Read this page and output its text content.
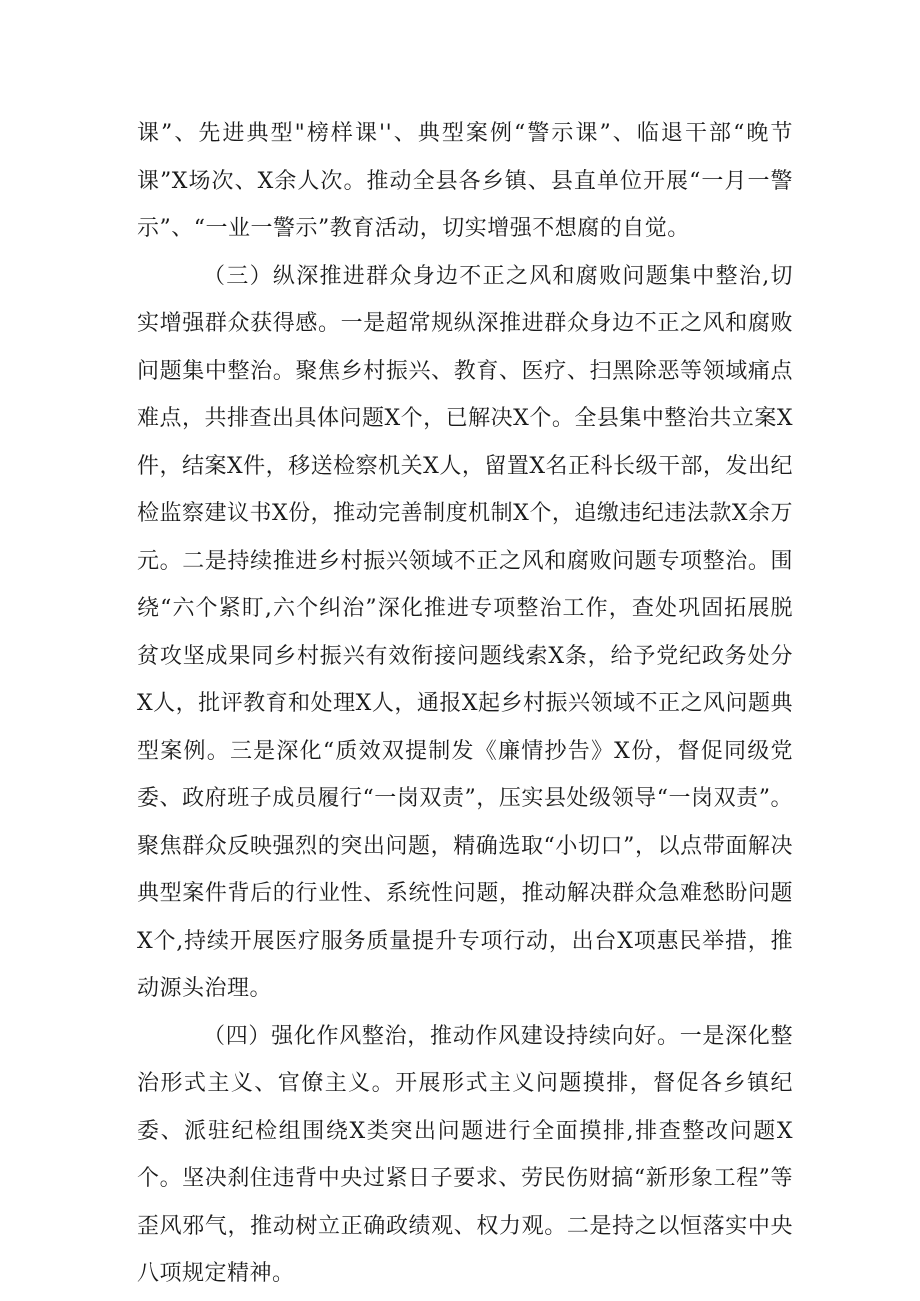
课”、先进典型"榜样课''、典型案例“警示课”、临退干部“晚节课”X场次、X余人次。推动全县各乡镇、县直单位开展“一月一警示”、“一业一警示”教育活动，切实增强不想腐的自觉。

（三）纵深推进群众身边不正之风和腐败问题集中整治,切实增强群众获得感。一是超常规纵深推进群众身边不正之风和腐败问题集中整治。聚焦乡村振兴、教育、医疗、扫黑除恶等领域痛点难点，共排查出具体问题X个，已解决X个。全县集中整治共立案X件，结案X件，移送检察机关X人，留置X名正科长级干部，发出纪检监察建议书X份，推动完善制度机制X个，追缴违纪违法款X余万元。二是持续推进乡村振兴领域不正之风和腐败问题专项整治。围绕“六个紧盯,六个纠治”深化推进专项整治工作，查处巩固拓展脱贫攻坚成果同乡村振兴有效衔接问题线索X条，给予党纪政务处分X人，批评教育和处理X人，通报X起乡村振兴领域不正之风问题典型案例。三是深化“质效双提制发《廉情抄告》X份，督促同级党委、政府班子成员履行“一岗双责”，压实县处级领导“一岗双责”。聚焦群众反映强烈的突出问题，精确选取“小切口”，以点带面解决典型案件背后的行业性、系统性问题，推动解决群众急难愁盼问题X个,持续开展医疗服务质量提升专项行动，出台X项惠民举措，推动源头治理。

（四）强化作风整治，推动作风建设持续向好。一是深化整治形式主义、官僚主义。开展形式主义问题摸排，督促各乡镇纪委、派驻纪检组围绕X类突出问题进行全面摸排,排查整改问题X个。坚决刹住违背中央过紧日子要求、劳民伤财搞“新形象工程”等歪风邪气，推动树立正确政绩观、权力观。二是持之以恒落实中央八项规定精神。
